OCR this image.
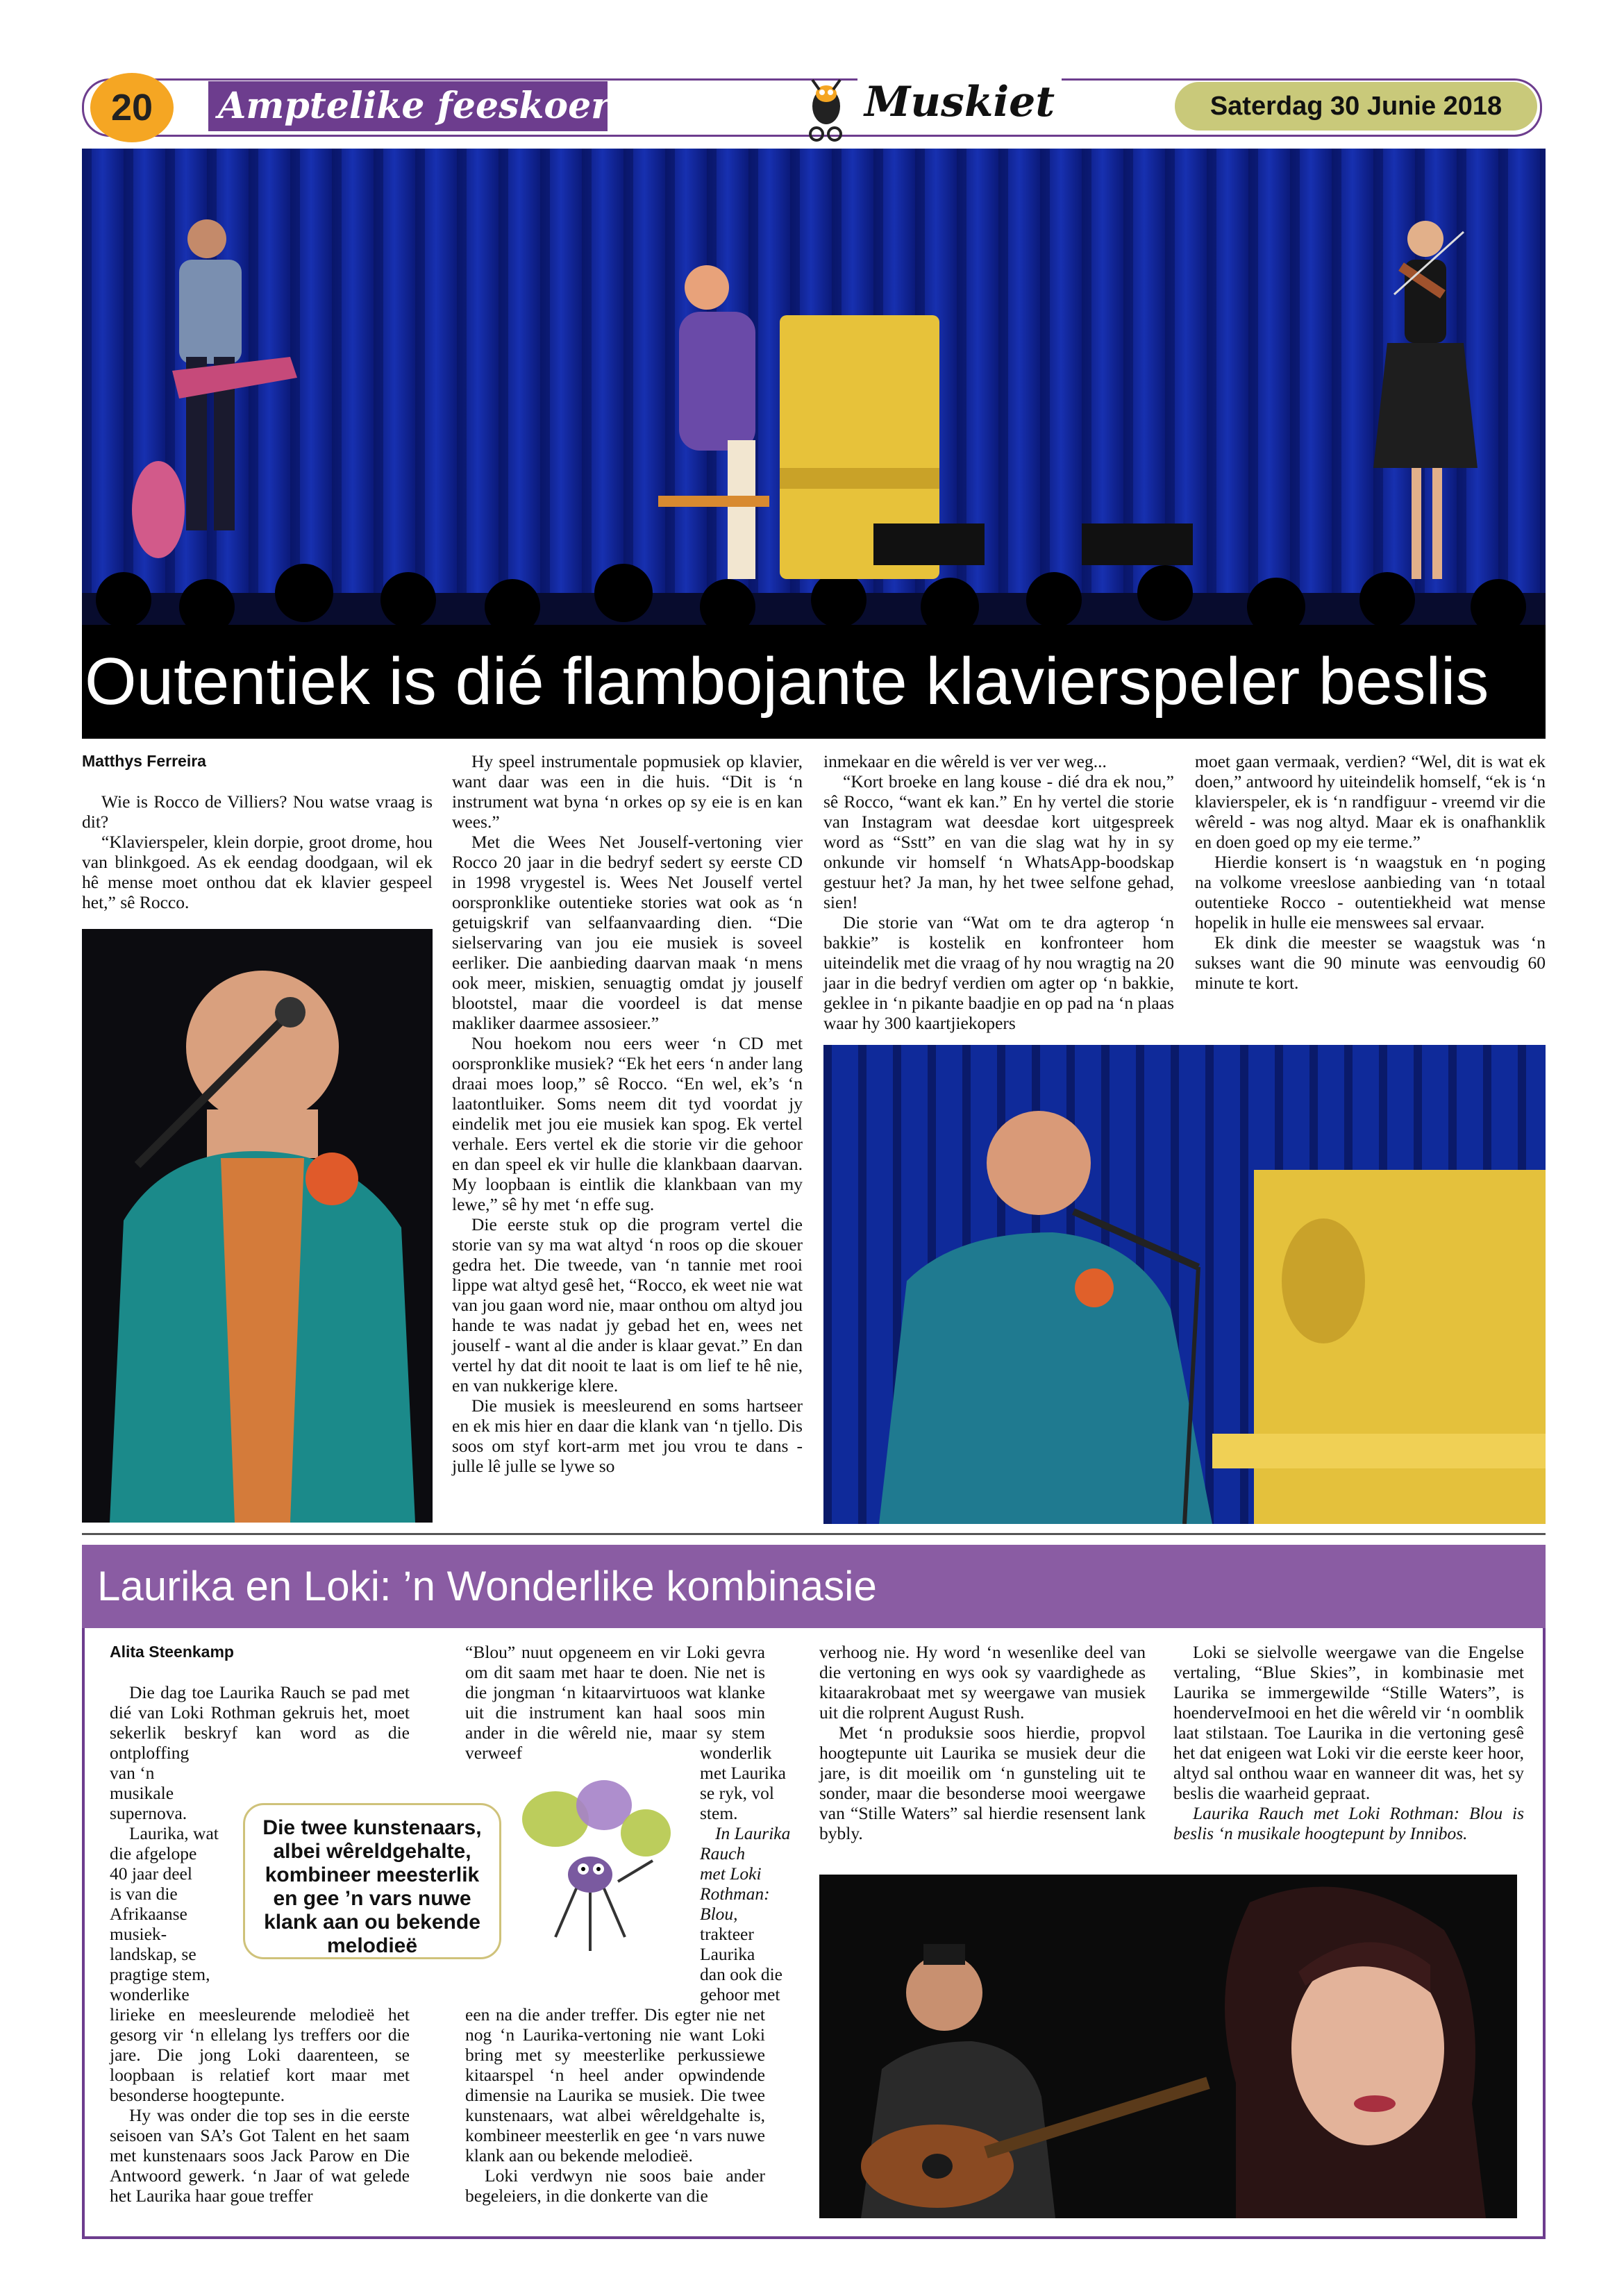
20	Amptelike feeskoerant	Muskiet	Saterdag 30 Junie 2018
Outentiek is dié flambojante klavierspeler beslis

Matthys Ferreira

Wie is Rocco de Villiers? Nou watse vraag is dit?

“Klavierspeler, klein dorpie, groot drome, hou van blinkgoed. As ek eendag doodgaan, wil ek hê mense moet onthou dat ek klavier gespeel het,” sê Rocco.

Hy speel instrumentale popmusiek op klavier, want daar was een in die huis. “Dit is ‘n instrument wat byna ‘n orkes op sy eie is en kan wees.”

Met die Wees Net Jouself-vertoning vier Rocco 20 jaar in die bedryf sedert sy eerste CD in 1998 vrygestel is. Wees Net Jouself vertel oorspronklike outentieke stories wat ook as ‘n getuigskrif van selfaanvaarding dien. “Die sielservaring van jou eie musiek is soveel eerliker. Die aanbieding daarvan maak ‘n mens ook meer, miskien, senuagtig omdat jy jouself blootstel, maar die voordeel is dat mense makliker daarmee assosieer.”

Nou hoekom nou eers weer ‘n CD met oorspronklike musiek? “Ek het eers ‘n ander lang draai moes loop,” sê Rocco. “En wel, ek’s ‘n laatontluiker. Soms neem dit tyd voordat jy eindelik met jou eie musiek kan spog. Ek vertel verhale. Eers vertel ek die storie vir die gehoor en dan speel ek vir hulle die klankbaan daarvan. My loopbaan is eintlik die klankbaan van my lewe,” sê hy met ‘n effe sug.

Die eerste stuk op die program vertel die storie van sy ma wat altyd ‘n roos op die skouer gedra het. Die tweede, van ‘n tannie met rooi lippe wat altyd gesê het, “Rocco, ek weet nie wat van jou gaan word nie, maar onthou om altyd jou hande te was nadat jy gebad het en, wees net jouself - want al die ander is klaar gevat.” En dan vertel hy dat dit nooit te laat is om lief te hê nie, en van nukkerige klere.

Die musiek is meesleurend en soms hartseer en ek mis hier en daar die klank van ‘n tjello. Dis soos om styf kort-arm met jou vrou te dans - julle lê julle se lywe so

inmekaar en die wêreld is ver ver weg...

“Kort broeke en lang kouse - dié dra ek nou,” sê Rocco, “want ek kan.” En hy vertel die storie van Instagram wat deesdae kort uitgespreek word as “Sstt” en van die slag wat hy in sy onkunde vir homself ‘n WhatsApp-boodskap gestuur het? Ja man, hy het twee selfone gehad, sien!

Die storie van “Wat om te dra agterop ‘n bakkie” is kostelik en konfronteer hom uiteindelik met die vraag of hy nou wragtig na 20 jaar in die bedryf verdien om agter op ‘n bakkie, geklee in ‘n pikante baadjie en op pad na ‘n plaas waar hy 300 kaartjiekopers

moet gaan vermaak, verdien? “Wel, dit is wat ek doen,” antwoord hy uiteindelik homself, “ek is ‘n klavierspeler, ek is ‘n randfiguur - vreemd vir die wêreld - was nog altyd. Maar ek is onafhanklik en doen goed op my eie terme.”

Hierdie konsert is ‘n waagstuk en ‘n poging na volkome vreeslose aanbieding van ‘n totaal outentieke Rocco - outentiekheid wat mense hopelik in hulle eie menswees sal ervaar.

Ek dink die meester se waagstuk was ‘n sukses want die 90 minute was eenvoudig 60 minute te kort.

Laurika en Loki: ’n Wonderlike kombinasie

Alita Steenkamp

Die dag toe Laurika Rauch se pad met dié van Loki Rothman gekruis het, moet sekerlik beskryf kan word as die ontploffing

van ‘n
musikale
supernova.
Laurika, wat
die afgelope
40 jaar deel
is van die
Afrikaanse
musiek-
landskap, se
pragtige stem,
wonderlike

lirieke en meesleurende melodieë het gesorg vir ‘n ellelang lys treffers oor die jare. Die jong Loki daarenteen, se loopbaan is relatief kort maar met besonderse hoogtepunte.

Hy was onder die top ses in die eerste seisoen van SA’s Got Talent en het saam met kunstenaars soos Jack Parow en Die Antwoord gewerk. ‘n Jaar of wat gelede het Laurika haar goue treffer

Die twee kunstenaars, albei wêreldgehalte, kombineer meesterlik en gee ’n vars nuwe klank aan ou bekende melodieë

“Blou” nuut opgeneem en vir Loki gevra om dit saam met haar te doen. Nie net is die jongman ‘n kitaarvirtuoos wat klanke uit die instrument kan haal soos min ander in die wêreld nie, maar sy stem verweef	wonderlik
met Laurika
se ryk, vol
stem.
In Laurika
Rauch
met Loki
Rothman:
Blou,
trakteer
Laurika
dan ook die
gehoor met

een na die ander treffer. Dis egter nie net nog ‘n Laurika-vertoning nie want Loki bring met sy meesterlike perkussiewe kitaarspel ‘n heel ander opwindende dimensie na Laurika se musiek. Die twee kunstenaars, wat albei wêreldgehalte is, kombineer meesterlik en gee ‘n vars nuwe klank aan ou bekende melodieë.

Loki verdwyn nie soos baie ander begeleiers, in die donkerte van die

verhoog nie. Hy word ‘n wesenlike deel van die vertoning en wys ook sy vaardighede as kitaarakrobaat met sy weergawe van musiek uit die rolprent August Rush.

Met ‘n produksie soos hierdie, propvol hoogtepunte uit Laurika se musiek deur die jare, is dit moeilik om ‘n gunsteling uit te sonder, maar die besonderse mooi weergawe van “Stille Waters” sal hierdie resensent lank bybly.

Loki se sielvolle weergawe van die Engelse vertaling, “Blue Skies”, in kombinasie met Laurika se immergewilde “Stille Waters”, is hoenderveImooi en het die wêreld vir ‘n oomblik laat stilstaan. Toe Laurika in die vertoning gesê het dat enigeen wat Loki vir die eerste keer hoor, altyd sal onthou waar en wanneer dit was, het sy beslis die waarheid gepraat.

Laurika Rauch met Loki Rothman: Blou is beslis ‘n musikale hoogtepunt by Innibos.
